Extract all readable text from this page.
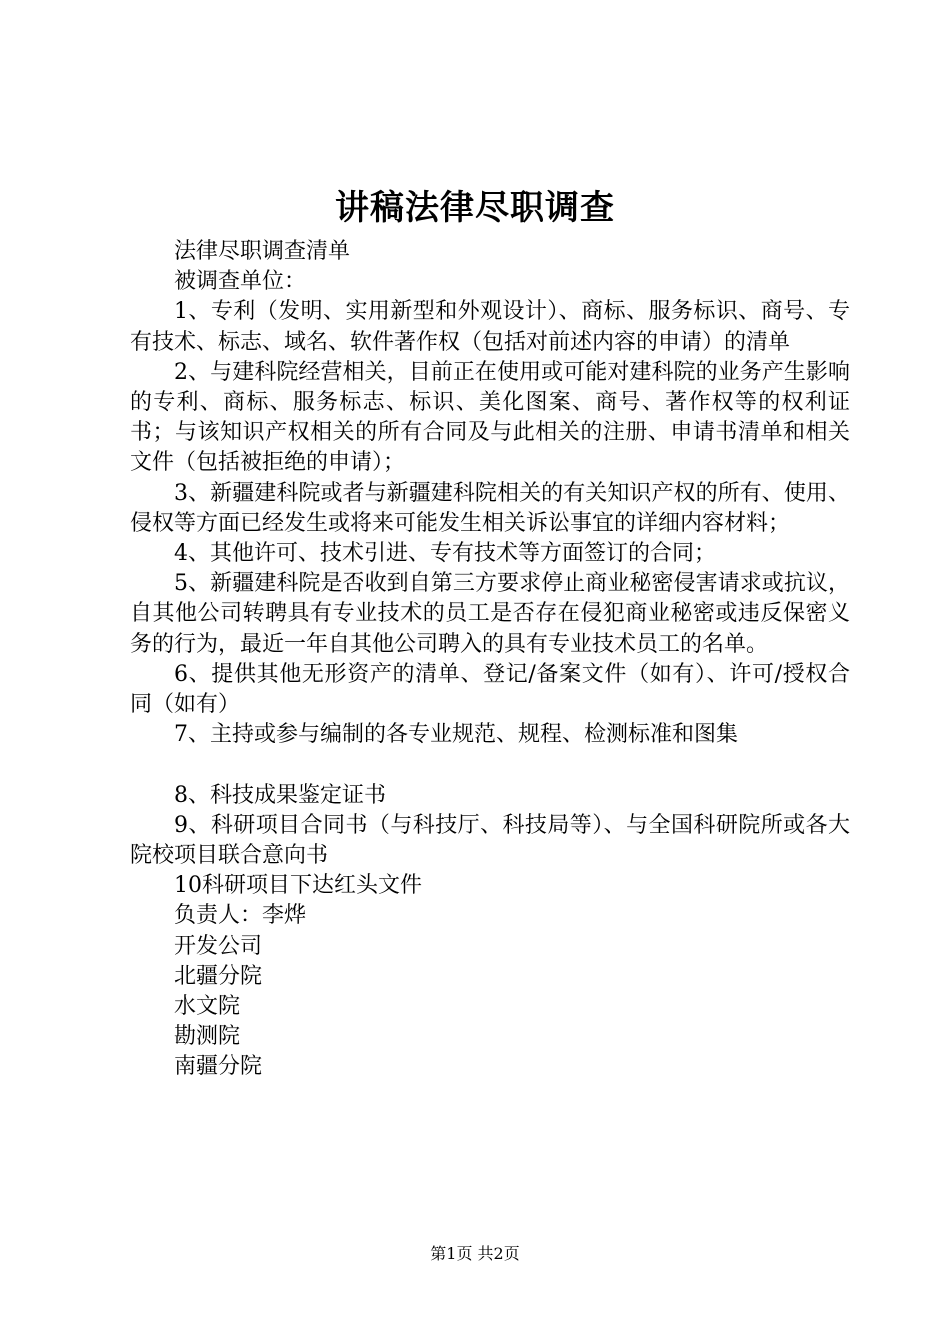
讲稿法律尽职调查

法律尽职调查清单

被调查单位：

1、专利（发明、实用新型和外观设计）、商标、服务标识、商号、专有技术、标志、域名、软件著作权（包括对前述内容的申请）的清单

2、与建科院经营相关，目前正在使用或可能对建科院的业务产生影响的专利、商标、服务标志、标识、美化图案、商号、著作权等的权利证书；与该知识产权相关的所有合同及与此相关的注册、申请书清单和相关文件（包括被拒绝的申请）；

3、新疆建科院或者与新疆建科院相关的有关知识产权的所有、使用、侵权等方面已经发生或将来可能发生相关诉讼事宜的详细内容材料；

4、其他许可、技术引进、专有技术等方面签订的合同；

5、新疆建科院是否收到自第三方要求停止商业秘密侵害请求或抗议，自其他公司转聘具有专业技术的员工是否存在侵犯商业秘密或违反保密义务的行为，最近一年自其他公司聘入的具有专业技术员工的名单。

6、提供其他无形资产的清单、登记/备案文件（如有）、许可/授权合同（如有）

7、主持或参与编制的各专业规范、规程、检测标准和图集

8、科技成果鉴定证书

9、科研项目合同书（与科技厅、科技局等）、与全国科研院所或各大院校项目联合意向书

10科研项目下达红头文件

负责人：李烨

开发公司

北疆分院

水文院

勘测院

南疆分院

第1页 共2页
